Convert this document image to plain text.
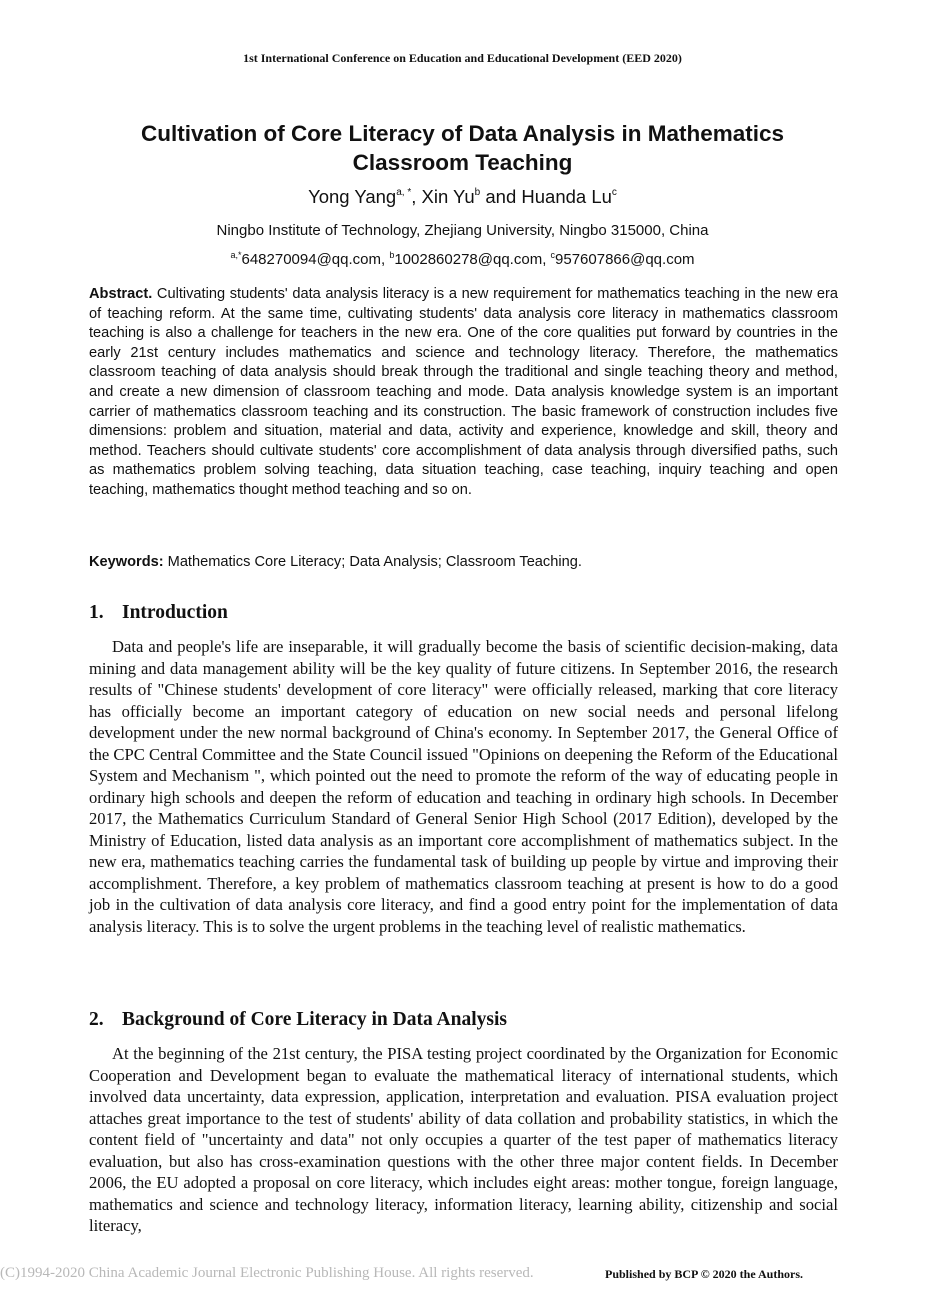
1st International Conference on Education and Educational Development (EED 2020)
Cultivation of Core Literacy of Data Analysis in Mathematics Classroom Teaching
Yong Yang$^{a, *}$, Xin Yu$^b$ and Huanda Lu$^c$
Ningbo Institute of Technology, Zhejiang University, Ningbo 315000, China
$^{a,*}$648270094@qq.com, $^b$1002860278@qq.com, $^c$957607866@qq.com
Abstract. Cultivating students' data analysis literacy is a new requirement for mathematics teaching in the new era of teaching reform. At the same time, cultivating students' data analysis core literacy in mathematics classroom teaching is also a challenge for teachers in the new era. One of the core qualities put forward by countries in the early 21st century includes mathematics and science and technology literacy. Therefore, the mathematics classroom teaching of data analysis should break through the traditional and single teaching theory and method, and create a new dimension of classroom teaching and mode. Data analysis knowledge system is an important carrier of mathematics classroom teaching and its construction. The basic framework of construction includes five dimensions: problem and situation, material and data, activity and experience, knowledge and skill, theory and method. Teachers should cultivate students' core accomplishment of data analysis through diversified paths, such as mathematics problem solving teaching, data situation teaching, case teaching, inquiry teaching and open teaching, mathematics thought method teaching and so on.
Keywords: Mathematics Core Literacy; Data Analysis; Classroom Teaching.
1. Introduction
Data and people's life are inseparable, it will gradually become the basis of scientific decision-making, data mining and data management ability will be the key quality of future citizens. In September 2016, the research results of "Chinese students' development of core literacy" were officially released, marking that core literacy has officially become an important category of education on new social needs and personal lifelong development under the new normal background of China's economy. In September 2017, the General Office of the CPC Central Committee and the State Council issued "Opinions on deepening the Reform of the Educational System and Mechanism ", which pointed out the need to promote the reform of the way of educating people in ordinary high schools and deepen the reform of education and teaching in ordinary high schools. In December 2017, the Mathematics Curriculum Standard of General Senior High School (2017 Edition), developed by the Ministry of Education, listed data analysis as an important core accomplishment of mathematics subject. In the new era, mathematics teaching carries the fundamental task of building up people by virtue and improving their accomplishment. Therefore, a key problem of mathematics classroom teaching at present is how to do a good job in the cultivation of data analysis core literacy, and find a good entry point for the implementation of data analysis literacy. This is to solve the urgent problems in the teaching level of realistic mathematics.
2. Background of Core Literacy in Data Analysis
At the beginning of the 21st century, the PISA testing project coordinated by the Organization for Economic Cooperation and Development began to evaluate the mathematical literacy of international students, which involved data uncertainty, data expression, application, interpretation and evaluation. PISA evaluation project attaches great importance to the test of students' ability of data collation and probability statistics, in which the content field of "uncertainty and data" not only occupies a quarter of the test paper of mathematics literacy evaluation, but also has cross-examination questions with the other three major content fields. In December 2006, the EU adopted a proposal on core literacy, which includes eight areas: mother tongue, foreign language, mathematics and science and technology literacy, information literacy, learning ability, citizenship and social literacy,
(C)1994-2020 China Academic Journal Electronic Publishing House. All rights reserved.	Published by BCP © 2020 the Authors.
